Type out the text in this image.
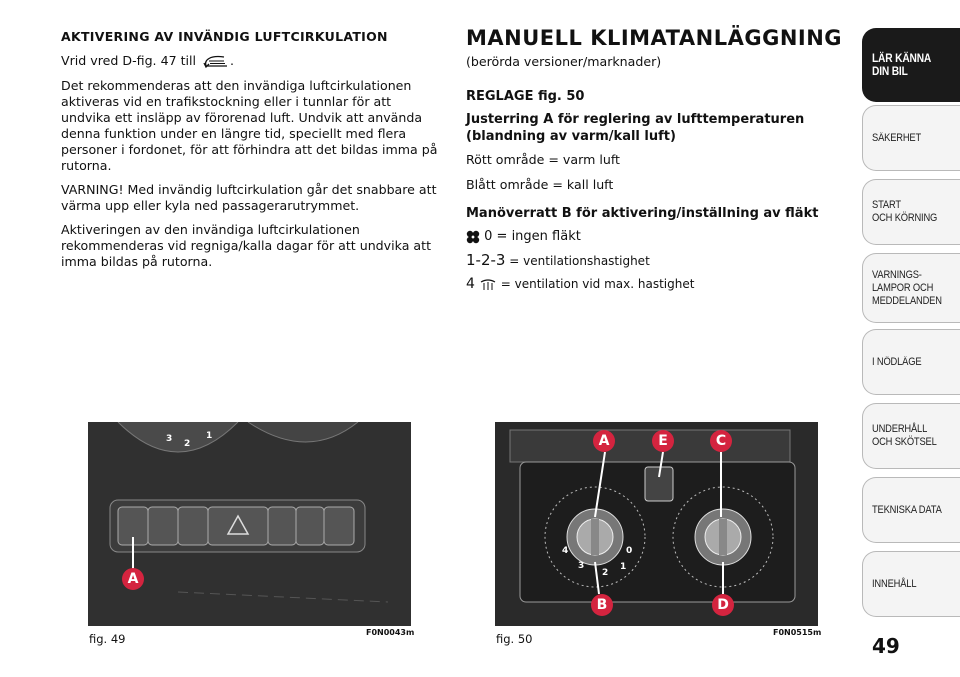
AKTIVERING AV INVÄNDIG LUFTCIRKULATION

Vrid vred D-fig. 47 till	.

Det rekommenderas att den invändiga luftcirkulationen aktiveras vid en trafikstockning eller i tunnlar för att undvika ett insläpp av förorenad luft. Undvik att använda denna funktion under en längre tid, speciellt med flera personer i fordonet, för att förhindra att det bildas imma på rutorna.

VARNING! Med invändig luftcirkulation går det snabbare att värma upp eller kyla ned passagerarutrymmet.

Aktiveringen av den invändiga luftcirkulationen rekommenderas vid regniga/kalla dagar för att undvika att imma bildas på rutorna.

MANUELL KLIMATANLÄGGNING

(berörda versioner/marknader)

REGLAGE fig. 50

Justerring A för reglering av lufttemperaturen (blandning av varm/kall luft)

Rött område = varm luft

Blått område = kall luft

Manöverratt B för aktivering/inställning av fläkt

0 = ingen fläkt

1-2-3 = ventilationshastighet

4  = ventilation vid max. hastighet

3 2
1
A
fig. 49	F0N0043m
4
3
2
1
0
A	E	C
B	D
fig. 50	F0N0515m
LÄR KÄNNA
DIN BIL
SÄKERHET
START
OCH KÖRNING
VARNINGS-
LAMPOR OCH
MEDDELANDEN
I NÖDLÄGE
UNDERHÅLL
OCH SKÖTSEL
TEKNISKA DATA
INNEHÅLL
49
